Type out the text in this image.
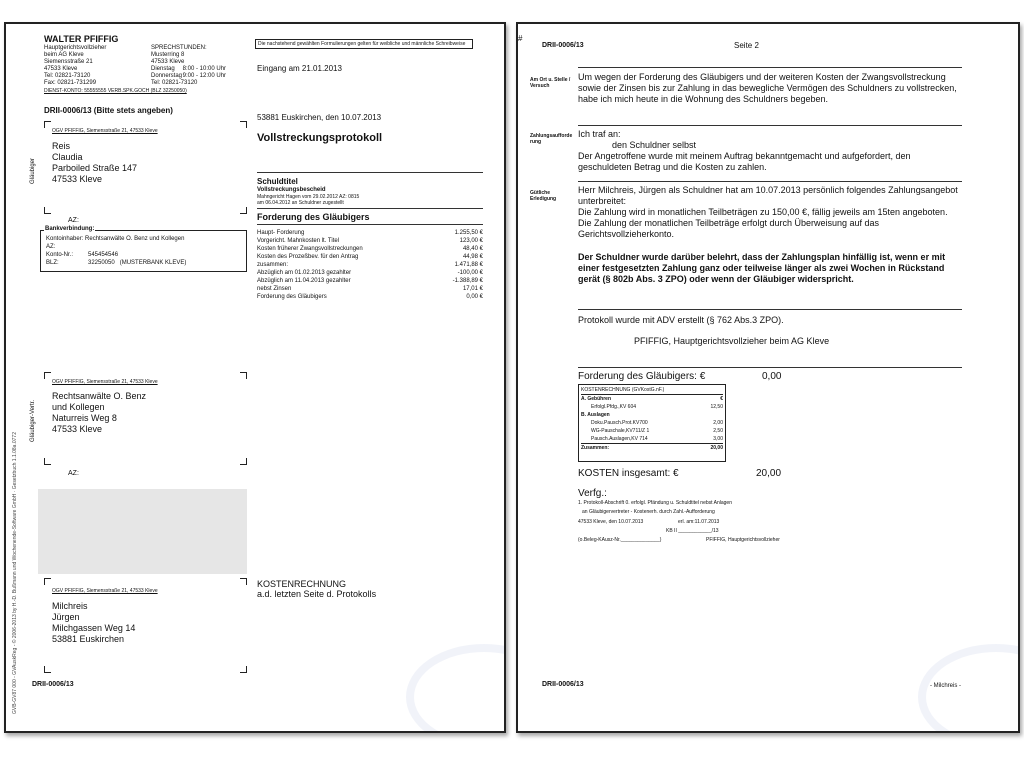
GVB-GV87 000 - GVAuskReg - © 2006-2013 by H.-D. Bußmann und Wochenende-Software GmbH · Gesetzbuch 1.1.08a.0772
WALTER PFIFFIG
Hauptgerichtsvollzieher
beim AG Kleve
Siemensstraße 21
47533 Kleve
Tel: 02821-73120
Fax: 02821-731299
DIENST-KONTO: 55555555 VERB.SPK.GOCH (BLZ 32250050)
SPRECHSTUNDEN:
Musterring 8
47533 Kleve
Dienstag 8:00 - 10:00 Uhr
Donnerstag 9:00 - 12:00 Uhr
Tel: 02821-73120
Die nachstehend gewählten Formulierungen gelten für weibliche und männliche Schreibweise
Eingang am 21.01.2013
DRII-0006/13 (Bitte stets angeben)
53881 Euskirchen, den 10.07.2013
Vollstreckungsprotokoll
Gläubiger
OGV PFIFFIG, Siemensstraße 21, 47533 Kleve
Reis
Claudia
Parboiled Straße 147
47533 Kleve
AZ:
Bankverbindung:
Kontoinhaber: Rechtsanwälte O. Benz und Kollegen
AZ:
Konto-Nr.: 545454546
BLZ:	32250050 (MUSTERBANK KLEVE)
Schuldtitel
Vollstreckungsbescheid
Mahngericht Hagen vom 29.02.2012 AZ: 0815
am 06.04.2012 an Schuldner zugestellt
Forderung des Gläubigers
Haupt- Forderung	1.255,50 €
Vorgericht. Mahnkosten lt. Titel	123,00 €
Kosten früherer Zwangsvollstreckungen	48,40 €
Kosten des Prozeßbev. für den Antrag	44,98 €
zusammen:	1.471,88 €
Abzüglich am 01.02.2013 gezahlter	-100,00 €
Abzüglich am 11.04.2013 gezahlter	-1.388,89 €
nebst Zinsen	17,01 €
Forderung des Gläubigers	0,00 €
Gläubiger-Vertr.
OGV PFIFFIG, Siemensstraße 21, 47533 Kleve
Rechtsanwälte O. Benz
und Kollegen
Naturreis Weg 8
47533 Kleve
AZ:
OGV PFIFFIG, Siemensstraße 21, 47533 Kleve
Milchreis
Jürgen
Milchgassen Weg 14
53881 Euskirchen
KOSTENRECHNUNG
a.d. letzten Seite d. Protokolls
DRII-0006/13
#
DRII-0006/13	Seite 2
Am Ort u. Stelle / Versuch
Um wegen der Forderung des Gläubigers und der weiteren Kosten der Zwangsvollstreckung sowie der Zinsen bis zur Zahlung in das bewegliche Vermögen des Schuldners zu vollstrecken, habe ich mich heute in die Wohnung des Schuldners begeben.
Zahlungsaufforderung
Ich traf an:
den Schuldner selbst
Der Angetroffene wurde mit meinem Auftrag bekanntgemacht und aufgefordert, den geschuldeten Betrag und die Kosten zu zahlen.
Gütliche Erledigung
Herr Milchreis, Jürgen als Schuldner hat am 10.07.2013 persönlich folgendes Zahlungsangebot unterbreitet:
Die Zahlung wird in monatlichen Teilbeträgen zu 150,00 €, fällig jeweils am 15ten angeboten. Die Zahlung der monatlichen Teilbeträge erfolgt durch Überweisung auf das Gerichtsvollzieherkonto.
Der Schuldner wurde darüber belehrt, dass der Zahlungsplan hinfällig ist, wenn er mit einer festgesetzten Zahlung ganz oder teilweise länger als zwei Wochen in Rückstand gerät (§ 802b Abs. 3 ZPO) oder wenn der Gläubiger widerspricht.
Protokoll wurde mit ADV erstellt (§ 762 Abs.3 ZPO).
PFIFFIG, Hauptgerichtsvollzieher beim AG Kleve
Forderung des Gläubigers: €	0,00
KOSTENRECHNUNG (GVKostG.nF.)
A. Gebühren	€
Erfolgl.Pfdg.,KV 604	12,50
B. Auslagen
Doku.Pausch.Prot.KV700	2,00
WG-Pauschale,KV711/Z 1	2,50
Pausch.Auslagen,KV 714	3,00
Zusammen:	20,00
KOSTEN insgesamt: €	20,00
Verfg.:
1. Protokoll-Abschrift 0. erfolgl. Pfändung u. Schuldtitel nebst Anlagen
an Gläubigervertreter - Kostenerh. durch Zahl.-Aufforderung
47533 Kleve, den 10.07.2013	erl. am:11.07.2013
KB II ____________/13
(o.Beleg-KAusz-Nr.______________)	PFIFFIG, Hauptgerichtsvollzieher
DRII-0006/13	- Milchreis -
